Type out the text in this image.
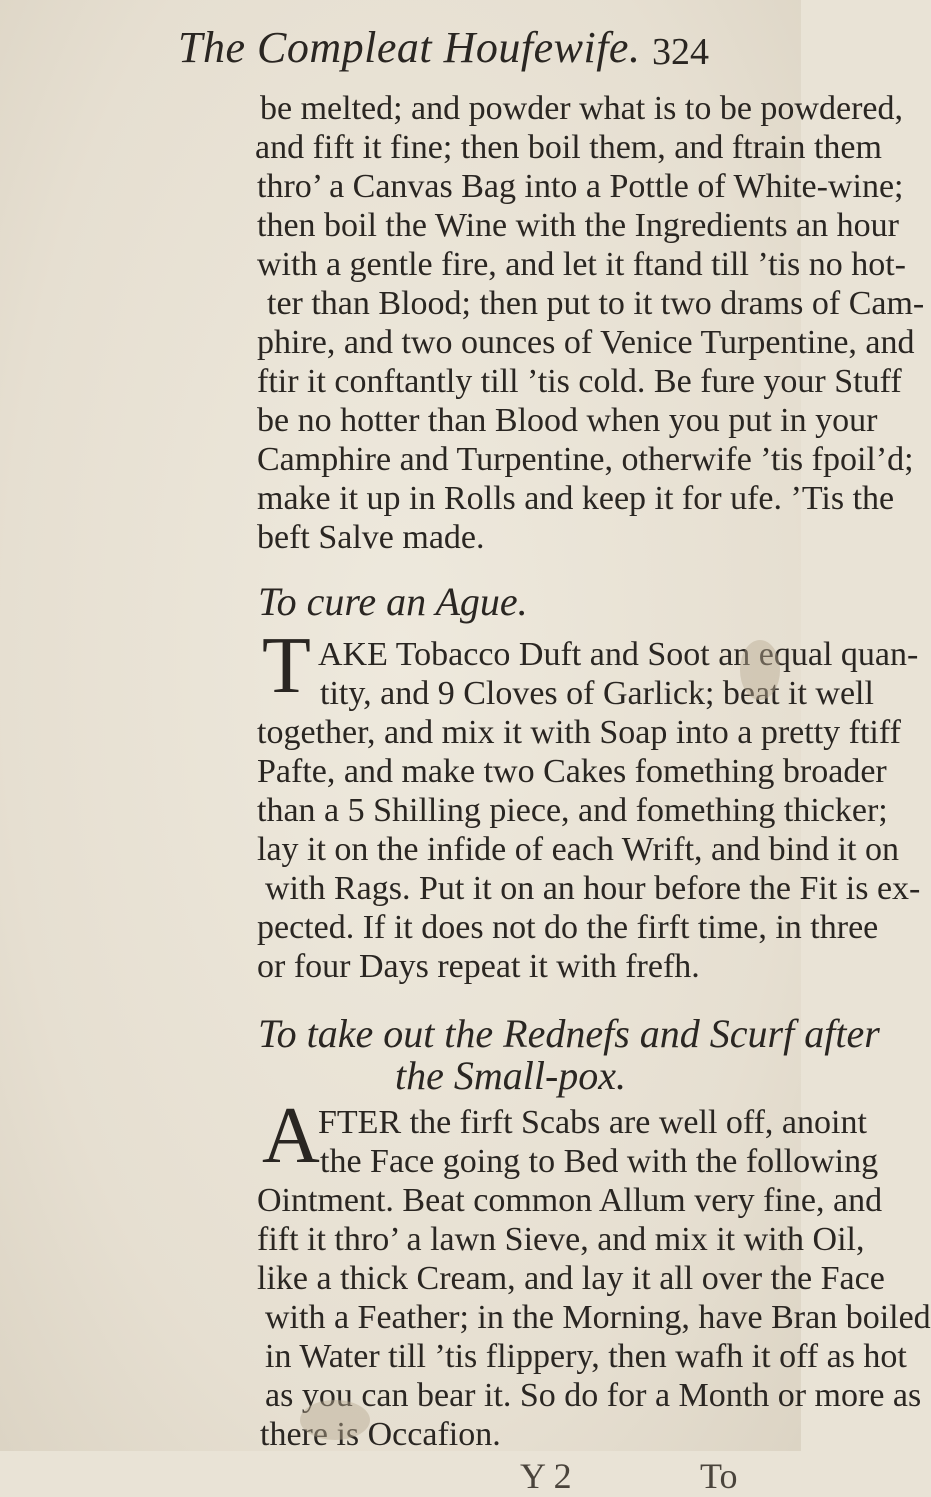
The Compleat Houfewife. 324
be melted; and powder what is to be powdered,
and fift it fine; then boil them, and ftrain them
thro’ a Canvas Bag into a Pottle of White-wine;
then boil the Wine with the Ingredients an hour
with a gentle fire, and let it ftand till ’tis no hot-
ter than Blood; then put to it two drams of Cam-
phire, and two ounces of Venice Turpentine, and
ftir it conftantly till ’tis cold. Be fure your Stuff
be no hotter than Blood when you put in your
Camphire and Turpentine, otherwife ’tis fpoil’d;
make it up in Rolls and keep it for ufe. ’Tis the
beft Salve made.
To cure an Ague.
T AKE Tobacco Duft and Soot an equal quan-
tity, and 9 Cloves of Garlick; beat it well
together, and mix it with Soap into a pretty ftiff
Pafte, and make two Cakes fomething broader
than a 5 Shilling piece, and fomething thicker;
lay it on the infide of each Wrift, and bind it on
with Rags. Put it on an hour before the Fit is ex-
pected. If it does not do the firft time, in three
or four Days repeat it with frefh.
To take out the Rednefs and Scurf after
the Small-pox.
A
FTER the firft Scabs are well off, anoint
the Face going to Bed with the following
Ointment. Beat common Allum very fine, and
fift it thro’ a lawn Sieve, and mix it with Oil,
like a thick Cream, and lay it all over the Face
with a Feather; in the Morning, have Bran boiled
in Water till ’tis flippery, then wafh it off as hot
as you can bear it. So do for a Month or more as
there is Occafion.
Y 2	To
